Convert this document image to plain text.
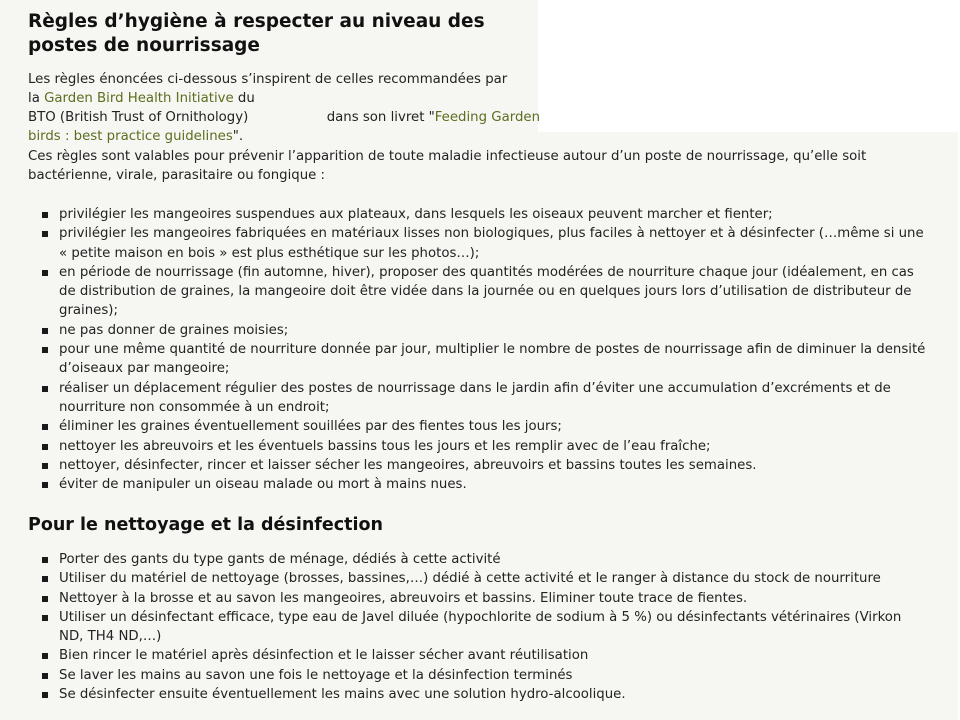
Règles d’hygiène à respecter au niveau des postes de nourrissage
Les règles énoncées ci-dessous s’inspirent de celles recommandées par
la Garden Bird Health Initiative du
BTO (British Trust of Ornithology)	dans son livret "Feeding Garden
birds : best practice guidelines".
Ces règles sont valables pour prévenir l’apparition de toute maladie infectieuse autour d’un poste de nourrissage, qu’elle soit bactérienne, virale, parasitaire ou fongique :
privilégier les mangeoires suspendues aux plateaux, dans lesquels les oiseaux peuvent marcher et fienter;
privilégier les mangeoires fabriquées en matériaux lisses non biologiques, plus faciles à nettoyer et à désinfecter (…même si une « petite maison en bois » est plus esthétique sur les photos…);
en période de nourrissage (fin automne, hiver), proposer des quantités modérées de nourriture chaque jour (idéalement, en cas de distribution de graines, la mangeoire doit être vidée dans la journée ou en quelques jours lors d’utilisation de distributeur de graines);
ne pas donner de graines moisies;
pour une même quantité de nourriture donnée par jour, multiplier le nombre de postes de nourrissage afin de diminuer la densité d’oiseaux par mangeoire;
réaliser un déplacement régulier des postes de nourrissage dans le jardin afin d’éviter une accumulation d’excréments et de nourriture non consommée à un endroit;
éliminer les graines éventuellement souillées par des fientes tous les jours;
nettoyer les abreuvoirs et les éventuels bassins tous les jours et les remplir avec de l’eau fraîche;
nettoyer, désinfecter, rincer et laisser sécher les mangeoires, abreuvoirs et bassins toutes les semaines.
éviter de manipuler un oiseau malade ou mort à mains nues.
Pour le nettoyage et la désinfection
Porter des gants du type gants de ménage, dédiés à cette activité
Utiliser du matériel de nettoyage (brosses, bassines,…) dédié à cette activité et le ranger à distance du stock de nourriture
Nettoyer à la brosse et au savon les mangeoires, abreuvoirs et bassins. Eliminer toute trace de fientes.
Utiliser un désinfectant efficace, type eau de Javel diluée (hypochlorite de sodium à 5 %) ou désinfectants vétérinaires (Virkon ND, TH4 ND,…)
Bien rincer le matériel après désinfection et le laisser sécher avant réutilisation
Se laver les mains au savon une fois le nettoyage et la désinfection terminés
Se désinfecter ensuite éventuellement les mains avec une solution hydro-alcoolique.
